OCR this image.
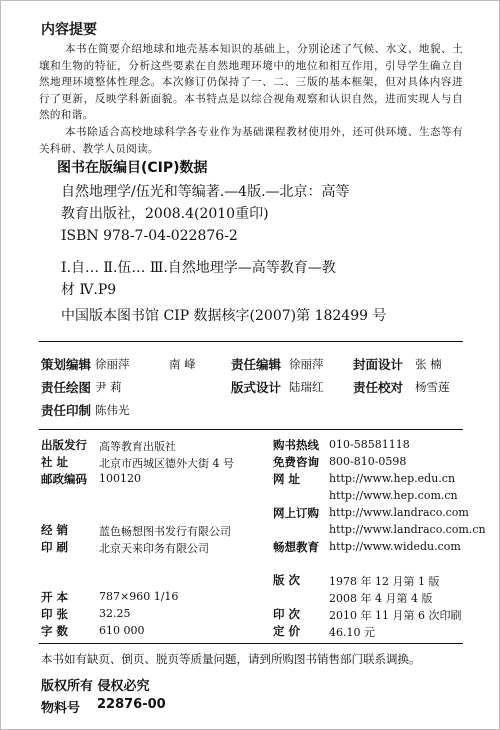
内容提要

本书在简要介绍地球和地壳基本知识的基础上，分别论述了气候、水文、地貌、土壤和生物的特征，分析这些要素在自然地理环境中的地位和相互作用，引导学生确立自然地理环境整体性理念。本次修订仍保持了一、二、三版的基本框架，但对具体内容进行了更新，反映学科新面貌。本书特点是以综合视角观察和认识自然，进而实现人与自然的和谐。

本书除适合高校地球科学各专业作为基础课程教材使用外，还可供环境、生态等有关科研、教学人员阅读。

图书在版编目(CIP)数据
自然地理学/伍光和等编著.—4版.—北京：高等
教育出版社，2008.4(2010重印)
ISBN 978-7-04-022876-2
Ⅰ.自… Ⅱ.伍… Ⅲ.自然地理学—高等教育—教
材 Ⅳ.P9
中国版本图书馆 CIP 数据核字(2007)第 182499 号
策划编辑 徐丽萍	南 峰	责任编辑 徐丽萍 封面设计 张 楠
责任绘图 尹 莉	版式设计 陆瑞红 责任校对 杨雪莲
责任印制 陈伟光
出版发行 高等教育出版社
社 址	北京市西城区德外大街 4 号
邮政编码 100120
经 销	蓝色畅想图书发行有限公司
印 刷	北京天来印务有限公司
开 本	787×960 1/16
印 张	32.25
字 数	610 000
购书热线 010-58581118
免费咨询 800-810-0598
网 址	http://www.hep.edu.cn
http://www.hep.com.cn
网上订购 http://www.landraco.com
http://www.landraco.com.cn
畅想教育 http://www.widedu.com
版 次	1978 年 12 月第 1 版
2008 年 4 月第 4 版
印 次	2010 年 11 月第 6 次印刷
定 价	46.10 元
本书如有缺页、倒页、脱页等质量问题，请到所购图书销售部门联系调换。
版权所有 侵权必究
物料号 22876-00
